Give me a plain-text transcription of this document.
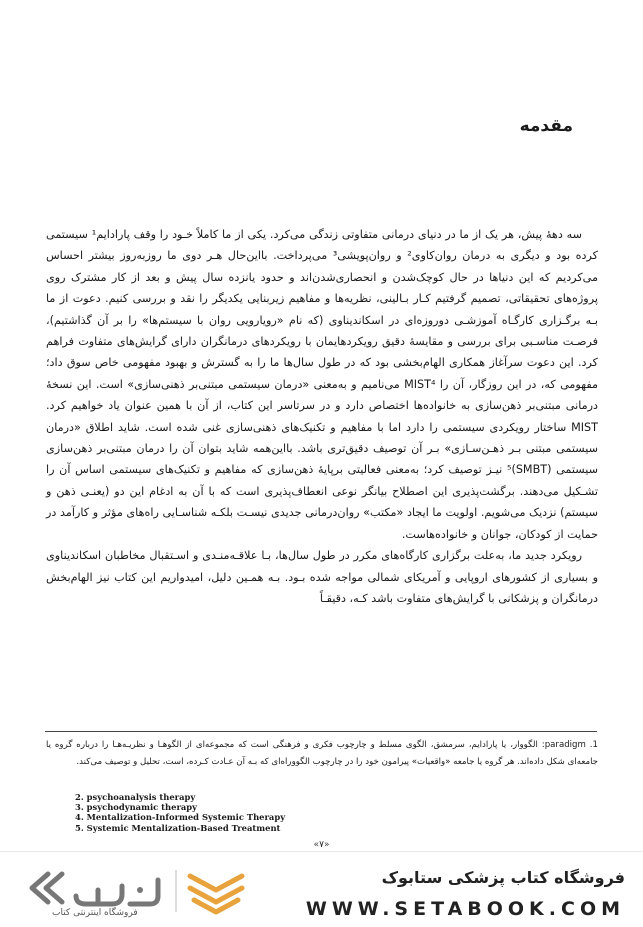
مقدمه

سه دههٔ پیش، هر یک از ما در دنیای درمانی متفاوتی زندگی می‌کرد. یکی از ما کاملاً خـود را وقف پارادایم¹ سیستمی کرده بود و دیگری به درمان روان‌کاوی² و روان‌پویشی³ می‌پرداخت. بااین‌حال هـر دوی ما روزبه‌روز بیشتر احساس می‌کردیم که این دنیاها در حال کوچک‌شدن و انحصاری‌شدن‌اند و حدود یانزده سال پیش و بعد از کار مشترک روی پروژه‌های تحقیقاتی، تصمیم گرفتیم کـار بـالینی، نظریه‌ها و مفاهیم زیربنایی یکدیگر را نقد و بررسی کنیم. دعوت از ما بـه برگـزاری کارگـاه آموزشـی دوروزه‌ای در اسکاندیناوی (که نام «رویارویی روان با سیستم‌ها» را بر آن گذاشتیم)، فرصـت مناسـبی برای بررسی و مقایسهٔ دقیق رویکردهایمان با رویکردهای درمانگران دارای گرایش‌های متفاوت فراهم کرد. این دعوت سرآغاز همکاری الهام‌بخشی بود که در طول سال‌ها ما را به گسترش و بهبود مفهومی خاص سوق داد؛ مفهومی که، در این روزگار، آن را MIST⁴ می‌نامیم و به‌معنی «درمان سیستمی مبتنی‌بر ذهنی‌سازی» است. این نسخهٔ درمانی مبتنی‌بر ذهن‌سازی به خانواده‌ها اختصاص دارد و در سرتاسر این کتاب، از آن با همین عنوان یاد خواهیم کرد. MIST ساختار رویکردی سیستمی را دارد اما با مفاهیم و تکنیک‌های ذهنی‌سازی غنی شده است. شاید اطلاق «درمان سیستمی مبتنی بـر ذهـن‌سـازی» بـر آن توصیف دقیق‌تری باشد. بااین‌همه شاید بتوان آن را درمان مبتنی‌بر ذهن‌سازی سیستمی (SMBT)⁵ نیـز توصیف کرد؛ به‌معنی فعالیتی برپایهٔ ذهن‌سازی که مفاهیم و تکنیک‌های سیستمی اساس آن را تشـکیل می‌دهند. برگشت‌پذیری این اصطلاح بیانگر نوعی انعطاف‌پذیری است که با آن به ادغام این دو (یعنـی ذهن و سیستم) نزدیک می‌شویم. اولویت ما ایجاد «مکتب» روان‌درمانی جدیدی نیسـت بلکـه شناسـایی راه‌های مؤثر و کارآمد در حمایت از کودکان، جوانان و خانواده‌هاست.

رویکرد جدید ما، به‌علت برگزاری کارگاه‌های مکرر در طول سال‌ها، بـا علاقـه‌منـدی و اسـتقبال مخاطبان اسکاندیناوی و بسیاری از کشورهای اروپایی و آمریکای شمالی مواجه شده بـود. بـه همـین دلیل، امیدواریم این کتاب نیز الهام‌بخش درمانگران و پزشکانی با گرایش‌های متفاوت باشد کـه، دقیقـاً

1. paradigm: الگووار، یا پارادایم، سرمشق، الگوی مسلط و چارچوب فکری و فرهنگی است که مجموعه‌ای از الگوهـا و نظریـه‌هـا را درباره گروه یا جامعه‌ای شکل داده‌اند. هر گروه یا جامعه «واقعیات» پیرامون خود را در چارچوب الگووراه‌ای که بـه آن عـادت کـرده، است، تحلیل و توصیف می‌کند.
2. psychoanalysis therapy
3. psychodynamic therapy
4. Mentalization-Informed Systemic Therapy
5. Systemic Mentalization-Based Treatment
«۷»
فروشگاه اینترنتی کتاب
فروشگاه کتاب پزشکی ستابوک
WWW.SETABOOK.COM
